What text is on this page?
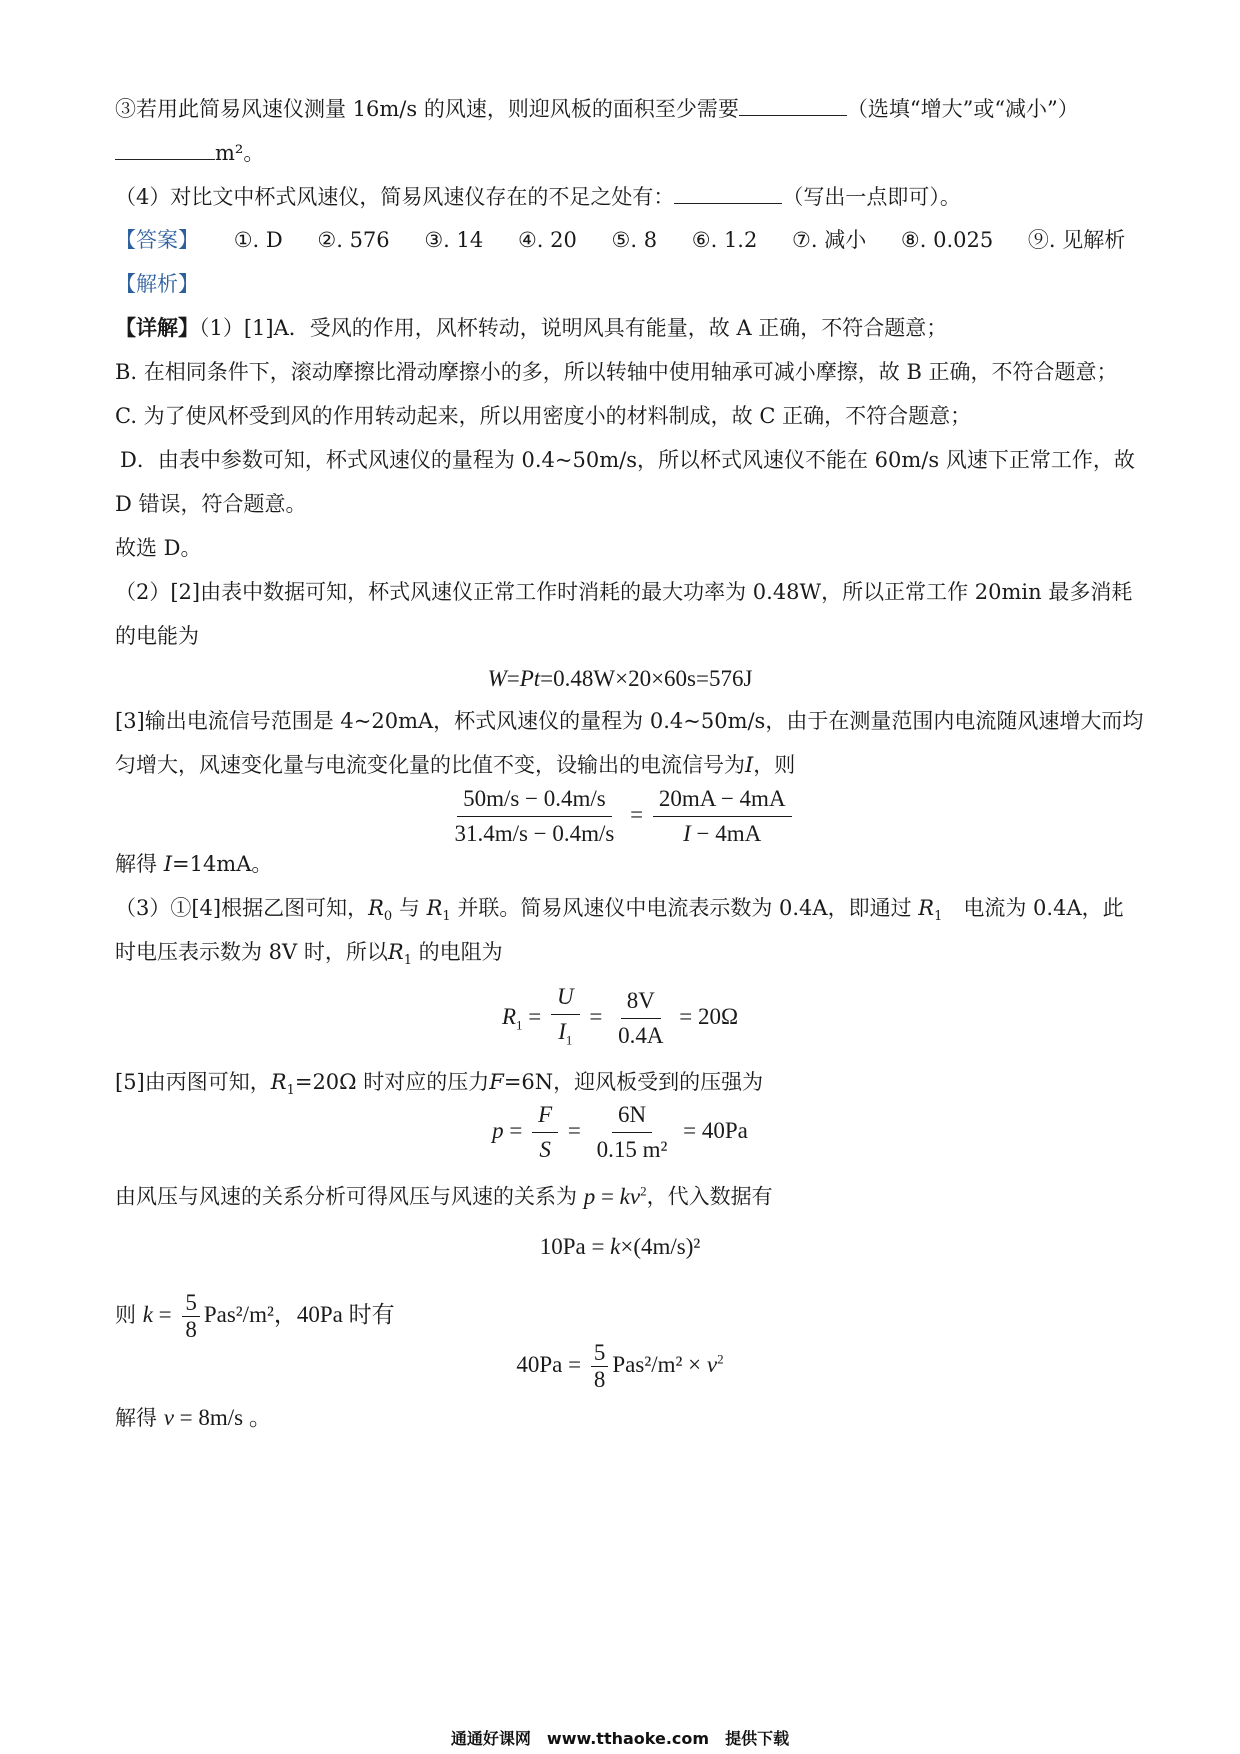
③若用此简易风速仪测量 16m/s 的风速，则迎风板的面积至少需要	（选填“增大”或“减小”）
m²。
（4）对比文中杯式风速仪，简易风速仪存在的不足之处有：	（写出一点即可）。
【答案】 ①. D ②. 576 ③. 14 ④. 20 ⑤. 8 ⑥. 1.2 ⑦. 减小 ⑧. 0.025 ⑨. 见解析
【解析】
【详解】（1）[1]A．受风的作用，风杯转动，说明风具有能量，故 A 正确，不符合题意；
B. 在相同条件下，滚动摩擦比滑动摩擦小的多，所以转轴中使用轴承可减小摩擦，故 B 正确，不符合题意；
C. 为了使风杯受到风的作用转动起来，所以用密度小的材料制成，故 C 正确，不符合题意；
D．由表中参数可知，杯式风速仪的量程为 0.4~50m/s，所以杯式风速仪不能在 60m/s 风速下正常工作，故
D 错误，符合题意。
故选 D。
（2）[2]由表中数据可知，杯式风速仪正常工作时消耗的最大功率为 0.48W，所以正常工作 20min 最多消耗
的电能为
W=Pt=0.48W×20×60s=576J
[3]输出电流信号范围是 4~20mA，杯式风速仪的量程为 0.4~50m/s，由于在测量范围内电流随风速增大而均
匀增大，风速变化量与电流变化量的比值不变，设输出的电流信号为I，则
$\frac{50m/s - 0.4m/s}{31.4m/s - 0.4m/s} = \frac{20mA - 4mA}{I - 4mA}$
解得 I=14mA。
（3）①[4]根据乙图可知，$R_0$ 与 $R_1$ 并联。简易风速仪中电流表示数为 0.4A，即通过 $R_1$　 电流为 0.4A，此
时电压表示数为 8V 时，所以$R_1$ 的电阻为
$R_1 = \frac{U}{I_1} = \frac{8V}{0.4A} = 20\Omega$
[5]由丙图可知，$R_1=20\Omega$ 时对应的压力F=6N，迎风板受到的压强为
$p = \frac{F}{S} = \frac{6N}{\text{0.15 m²}} = 40Pa$
由风压与风速的关系分析可得风压与风速的关系为 $p = kv^2$，代入数据有
10Pa = k×(4m/s)²
则 $k = \frac{5}{8} Pas^2/m^2$，40Pa 时有
$40Pa = \frac{5}{8} Pas^2/m^2 \times v^2$
解得 v = 8m/s 。
通通好课网　www.tthaoke.com　提供下载
